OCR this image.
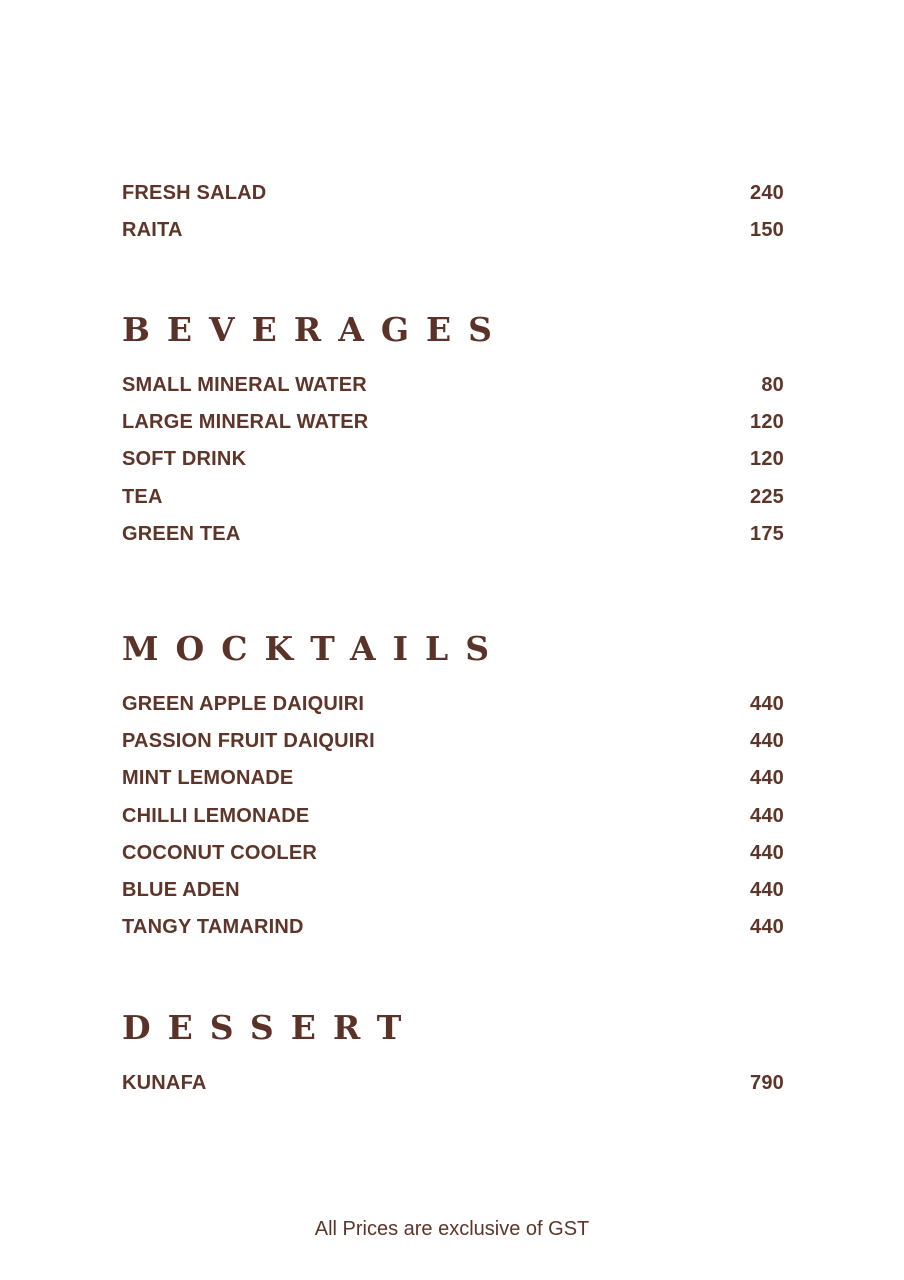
FRESH SALAD	240
RAITA	150
BEVERAGES
SMALL MINERAL WATER	80
LARGE MINERAL WATER	120
SOFT DRINK	120
TEA	225
GREEN TEA	175
MOCKTAILS
GREEN APPLE DAIQUIRI	440
PASSION FRUIT DAIQUIRI	440
MINT LEMONADE	440
CHILLI LEMONADE	440
COCONUT COOLER	440
BLUE ADEN	440
TANGY TAMARIND	440
DESSERT
KUNAFA	790
All Prices are exclusive of GST
